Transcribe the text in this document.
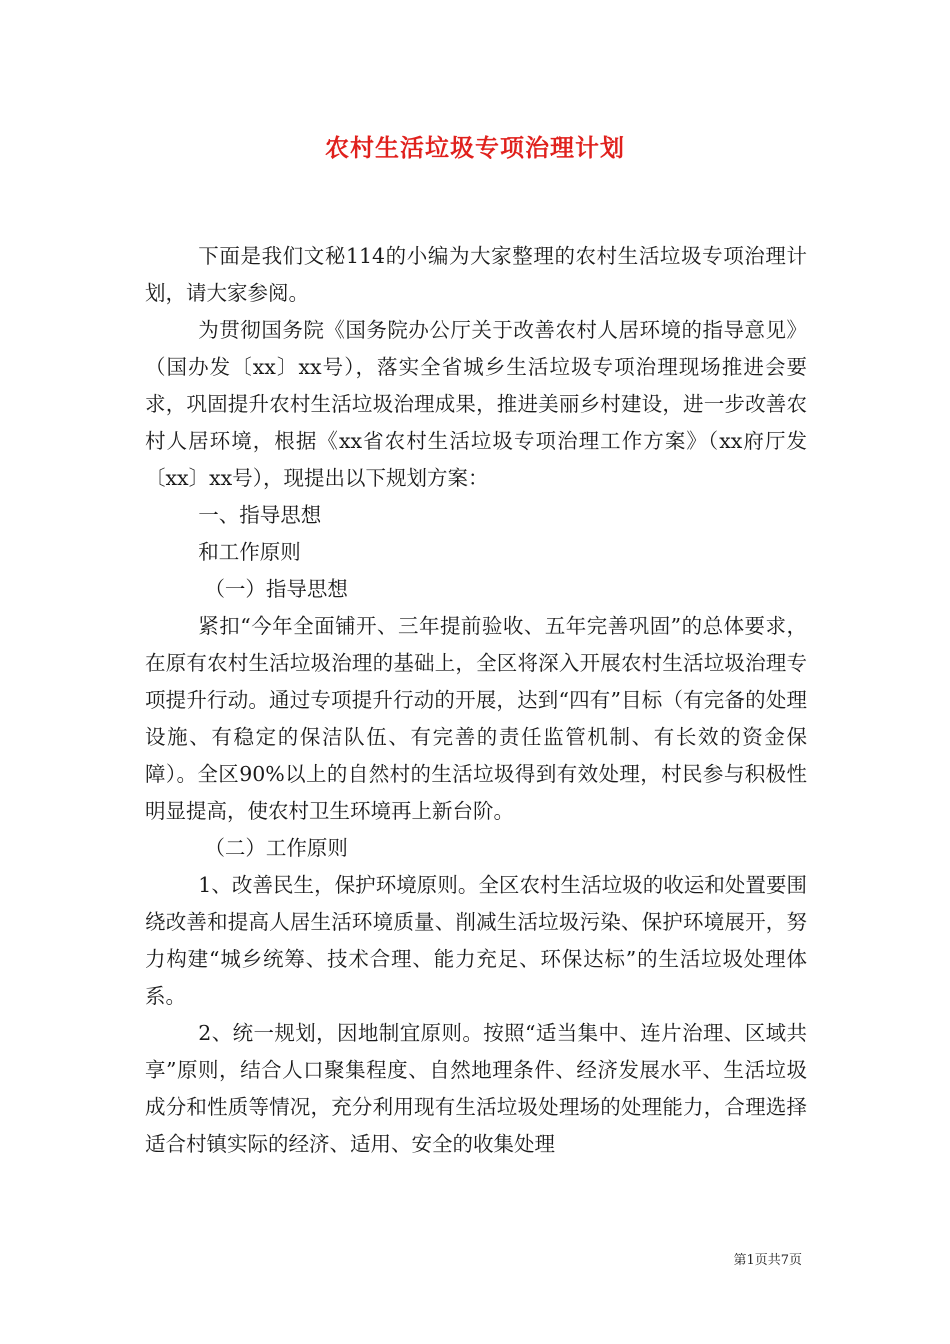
农村生活垃圾专项治理计划

下面是我们文秘114的小编为大家整理的农村生活垃圾专项治理计划，请大家参阅。

为贯彻国务院《国务院办公厅关于改善农村人居环境的指导意见》（国办发〔xx〕xx号），落实全省城乡生活垃圾专项治理现场推进会要求，巩固提升农村生活垃圾治理成果，推进美丽乡村建设，进一步改善农村人居环境，根据《xx省农村生活垃圾专项治理工作方案》（xx府厅发〔xx〕xx号），现提出以下规划方案：

一、指导思想

和工作原则

（一）指导思想

紧扣“今年全面铺开、三年提前验收、五年完善巩固”的总体要求，在原有农村生活垃圾治理的基础上，全区将深入开展农村生活垃圾治理专项提升行动。通过专项提升行动的开展，达到“四有”目标（有完备的处理设施、有稳定的保洁队伍、有完善的责任监管机制、有长效的资金保障）。全区90%以上的自然村的生活垃圾得到有效处理，村民参与积极性明显提高，使农村卫生环境再上新台阶。

（二）工作原则

1、改善民生，保护环境原则。全区农村生活垃圾的收运和处置要围绕改善和提高人居生活环境质量、削减生活垃圾污染、保护环境展开，努力构建“城乡统筹、技术合理、能力充足、环保达标”的生活垃圾处理体系。

2、统一规划，因地制宜原则。按照“适当集中、连片治理、区域共享”原则，结合人口聚集程度、自然地理条件、经济发展水平、生活垃圾成分和性质等情况，充分利用现有生活垃圾处理场的处理能力，合理选择适合村镇实际的经济、适用、安全的收集处理

第1页共7页
